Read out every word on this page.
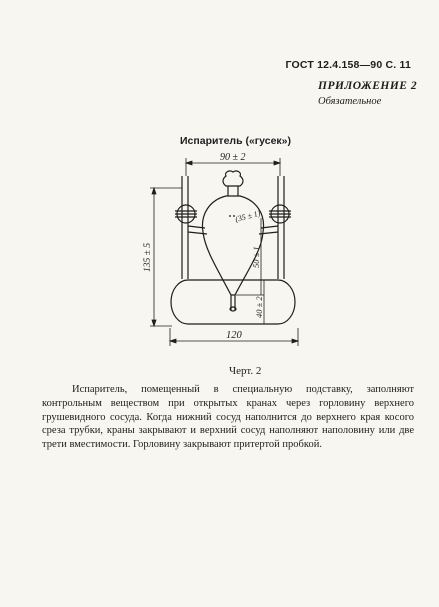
ГОСТ 12.4.158—90 С. 11
ПРИЛОЖЕНИЕ 2
Обязательное
Испаритель («гусек»)
90 ± 2
135 ± 5
(35 ± 1)
50 ± 1
40 ± 2
120
Черт. 2
Испаритель, помещенный в специальную подставку, заполняют контрольным веществом при открытых кранах через горловину верхнего грушевидного сосуда. Когда нижний сосуд наполнится до верхнего края косого среза трубки, краны закрывают и верхний сосуд наполняют наполовину или две трети вместимости. Горловину закрывают притертой пробкой.
